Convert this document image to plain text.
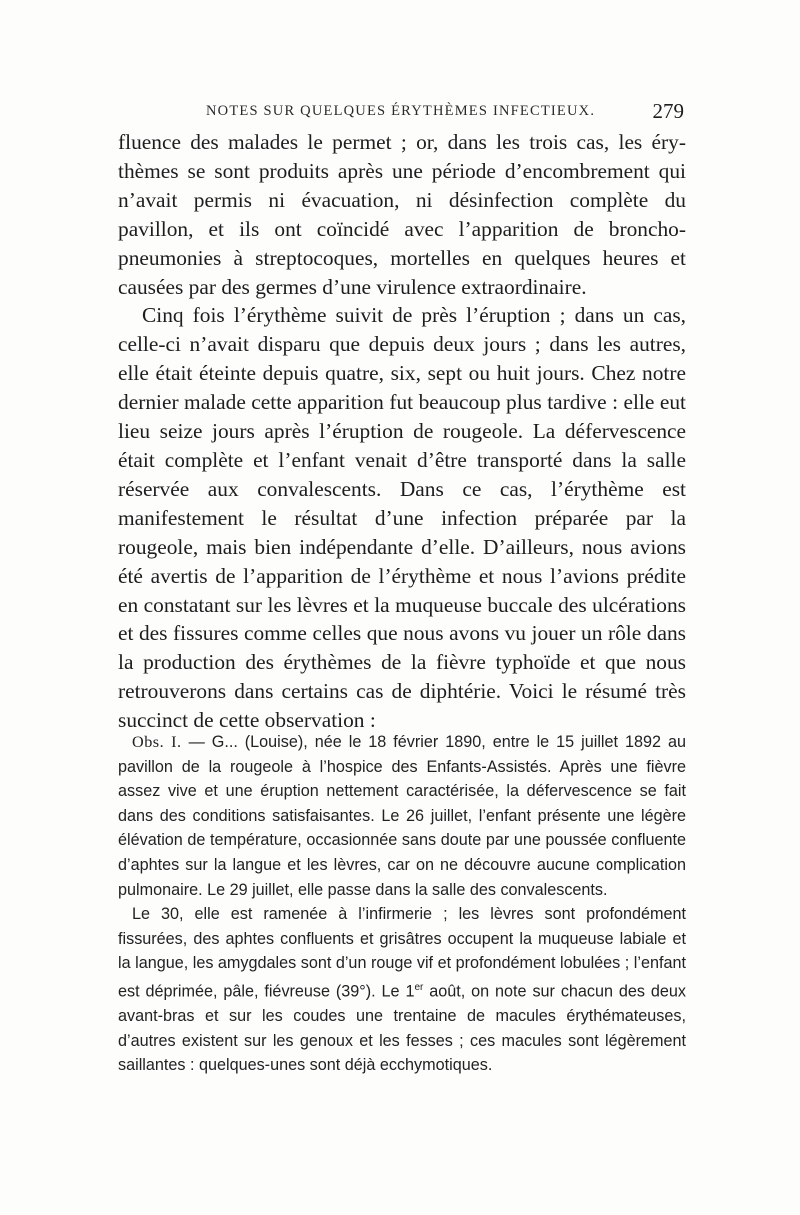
NOTES SUR QUELQUES ÉRYTHÈMES INFECTIEUX.	279

fluence des malades le permet ; or, dans les trois cas, les érythèmes se sont produits après une période d’encombrement qui n’avait permis ni évacuation, ni désinfection complète du pavillon, et ils ont coïncidé avec l’apparition de broncho-pneumonies à streptocoques, mortelles en quelques heures et causées par des germes d’une virulence extraordinaire.

Cinq fois l’érythème suivit de près l’éruption ; dans un cas, celle-ci n’avait disparu que depuis deux jours ; dans les autres, elle était éteinte depuis quatre, six, sept ou huit jours. Chez notre dernier malade cette apparition fut beaucoup plus tardive : elle eut lieu seize jours après l’éruption de rougeole. La défervescence était complète et l’enfant venait d’être transporté dans la salle réservée aux convalescents. Dans ce cas, l’érythème est manifestement le résultat d’une infection préparée par la rougeole, mais bien indépendante d’elle. D’ailleurs, nous avions été avertis de l’apparition de l’érythème et nous l’avions prédite en constatant sur les lèvres et la muqueuse buccale des ulcérations et des fissures comme celles que nous avons vu jouer un rôle dans la production des érythèmes de la fièvre typhoïde et que nous retrouverons dans certains cas de diphtérie. Voici le résumé très succinct de cette observation :

Obs. I. — G... (Louise), née le 18 février 1890, entre le 15 juillet 1892 au pavillon de la rougeole à l’hospice des Enfants-Assistés. Après une fièvre assez vive et une éruption nettement caractérisée, la défervescence se fait dans des conditions satisfaisantes. Le 26 juillet, l’enfant présente une légère élévation de température, occasionnée sans doute par une poussée confluente d’aphtes sur la langue et les lèvres, car on ne découvre aucune complication pulmonaire. Le 29 juillet, elle passe dans la salle des convalescents.

Le 30, elle est ramenée à l’infirmerie ; les lèvres sont profondément fissurées, des aphtes confluents et grisâtres occupent la muqueuse labiale et la langue, les amygdales sont d’un rouge vif et profondément lobulées ; l’enfant est déprimée, pâle, fiévreuse (39°). Le 1er août, on note sur chacun des deux avant-bras et sur les coudes une trentaine de macules érythémateuses, d’autres existent sur les genoux et les fesses ; ces macules sont légèrement saillantes : quelques-unes sont déjà ecchymotiques.
